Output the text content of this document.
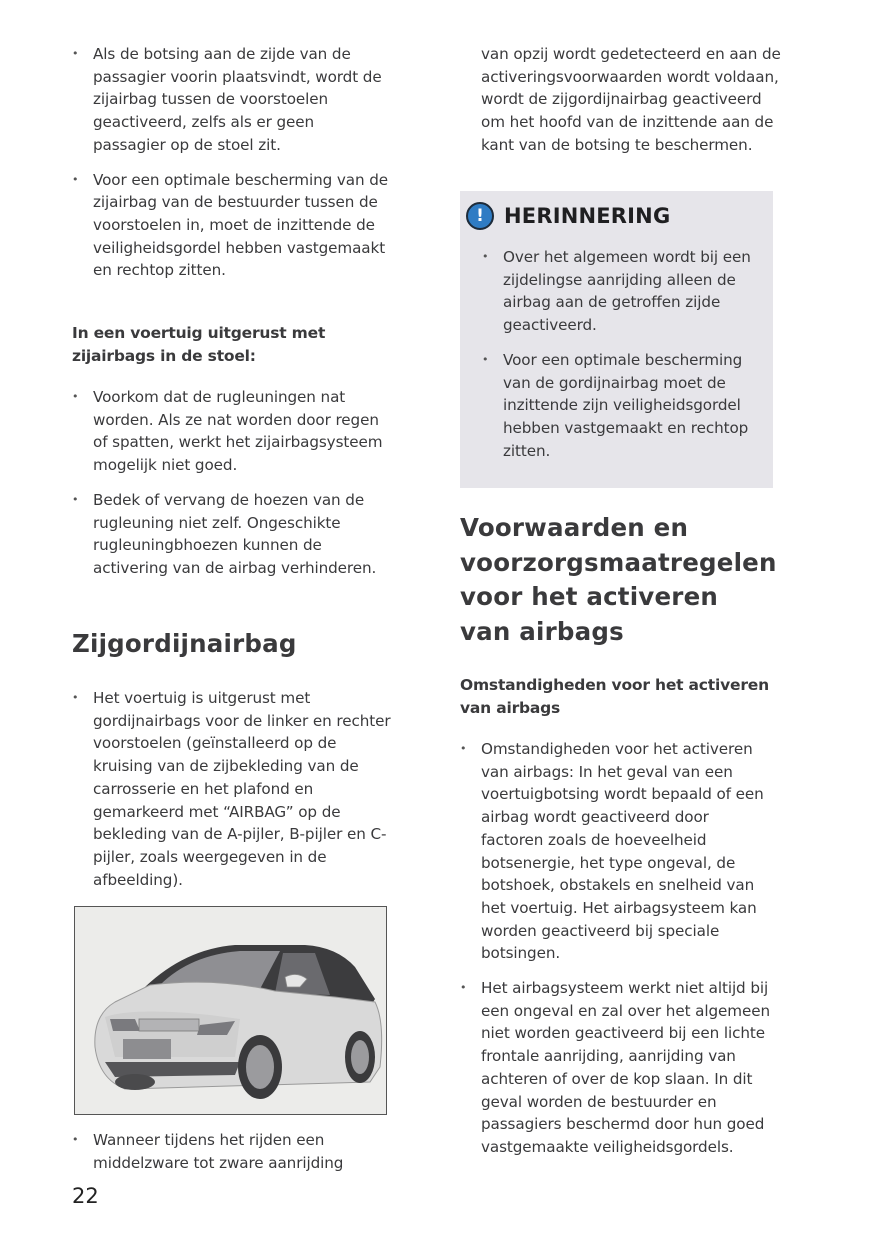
• Als de botsing aan de zijde van de passagier voorin plaatsvindt, wordt de zijairbag tussen de voorstoelen geactiveerd, zelfs als er geen passagier op de stoel zit.
• Voor een optimale bescherming van de zijairbag van de bestuurder tussen de voorstoelen in, moet de inzittende de veiligheidsgordel hebben vastgemaakt en rechtop zitten.

In een voertuig uitgerust met zijairbags in de stoel:

• Voorkom dat de rugleuningen nat worden. Als ze nat worden door regen of spatten, werkt het zijairbagsysteem mogelijk niet goed.
• Bedek of vervang de hoezen van de rugleuning niet zelf. Ongeschikte rugleuningbhoezen kunnen de activering van de airbag verhinderen.
Zijgordijnairbag
• Het voertuig is uitgerust met gordijnairbags voor de linker en rechter voorstoelen (geïnstalleerd op de kruising van de zijbekleding van de carrosserie en het plafond en gemarkeerd met “AIRBAG” op de bekleding van de A-pijler, B-pijler en C-pijler, zoals weergegeven in de afbeelding).
• Wanneer tijdens het rijden een middelzware tot zware aanrijding

van opzij wordt gedetecteerd en aan de activeringsvoorwaarden wordt voldaan, wordt de zijgordijnairbag geactiveerd om het hoofd van de inzittende aan de kant van de botsing te beschermen.

! HERINNERING
• Over het algemeen wordt bij een zijdelingse aanrijding alleen de airbag aan de getroffen zijde geactiveerd.
• Voor een optimale bescherming van de gordijnairbag moet de inzittende zijn veiligheidsgordel hebben vastgemaakt en rechtop zitten.
Voorwaarden en voorzorgsmaatregelen voor het activeren van airbags

Omstandigheden voor het activeren van airbags

• Omstandigheden voor het activeren van airbags: In het geval van een voertuigbotsing wordt bepaald of een airbag wordt geactiveerd door factoren zoals de hoeveelheid botsenergie, het type ongeval, de botshoek, obstakels en snelheid van het voertuig. Het airbagsysteem kan worden geactiveerd bij speciale botsingen.
• Het airbagsysteem werkt niet altijd bij een ongeval en zal over het algemeen niet worden geactiveerd bij een lichte frontale aanrijding, aanrijding van achteren of over de kop slaan. In dit geval worden de bestuurder en passagiers beschermd door hun goed vastgemaakte veiligheidsgordels.
22
